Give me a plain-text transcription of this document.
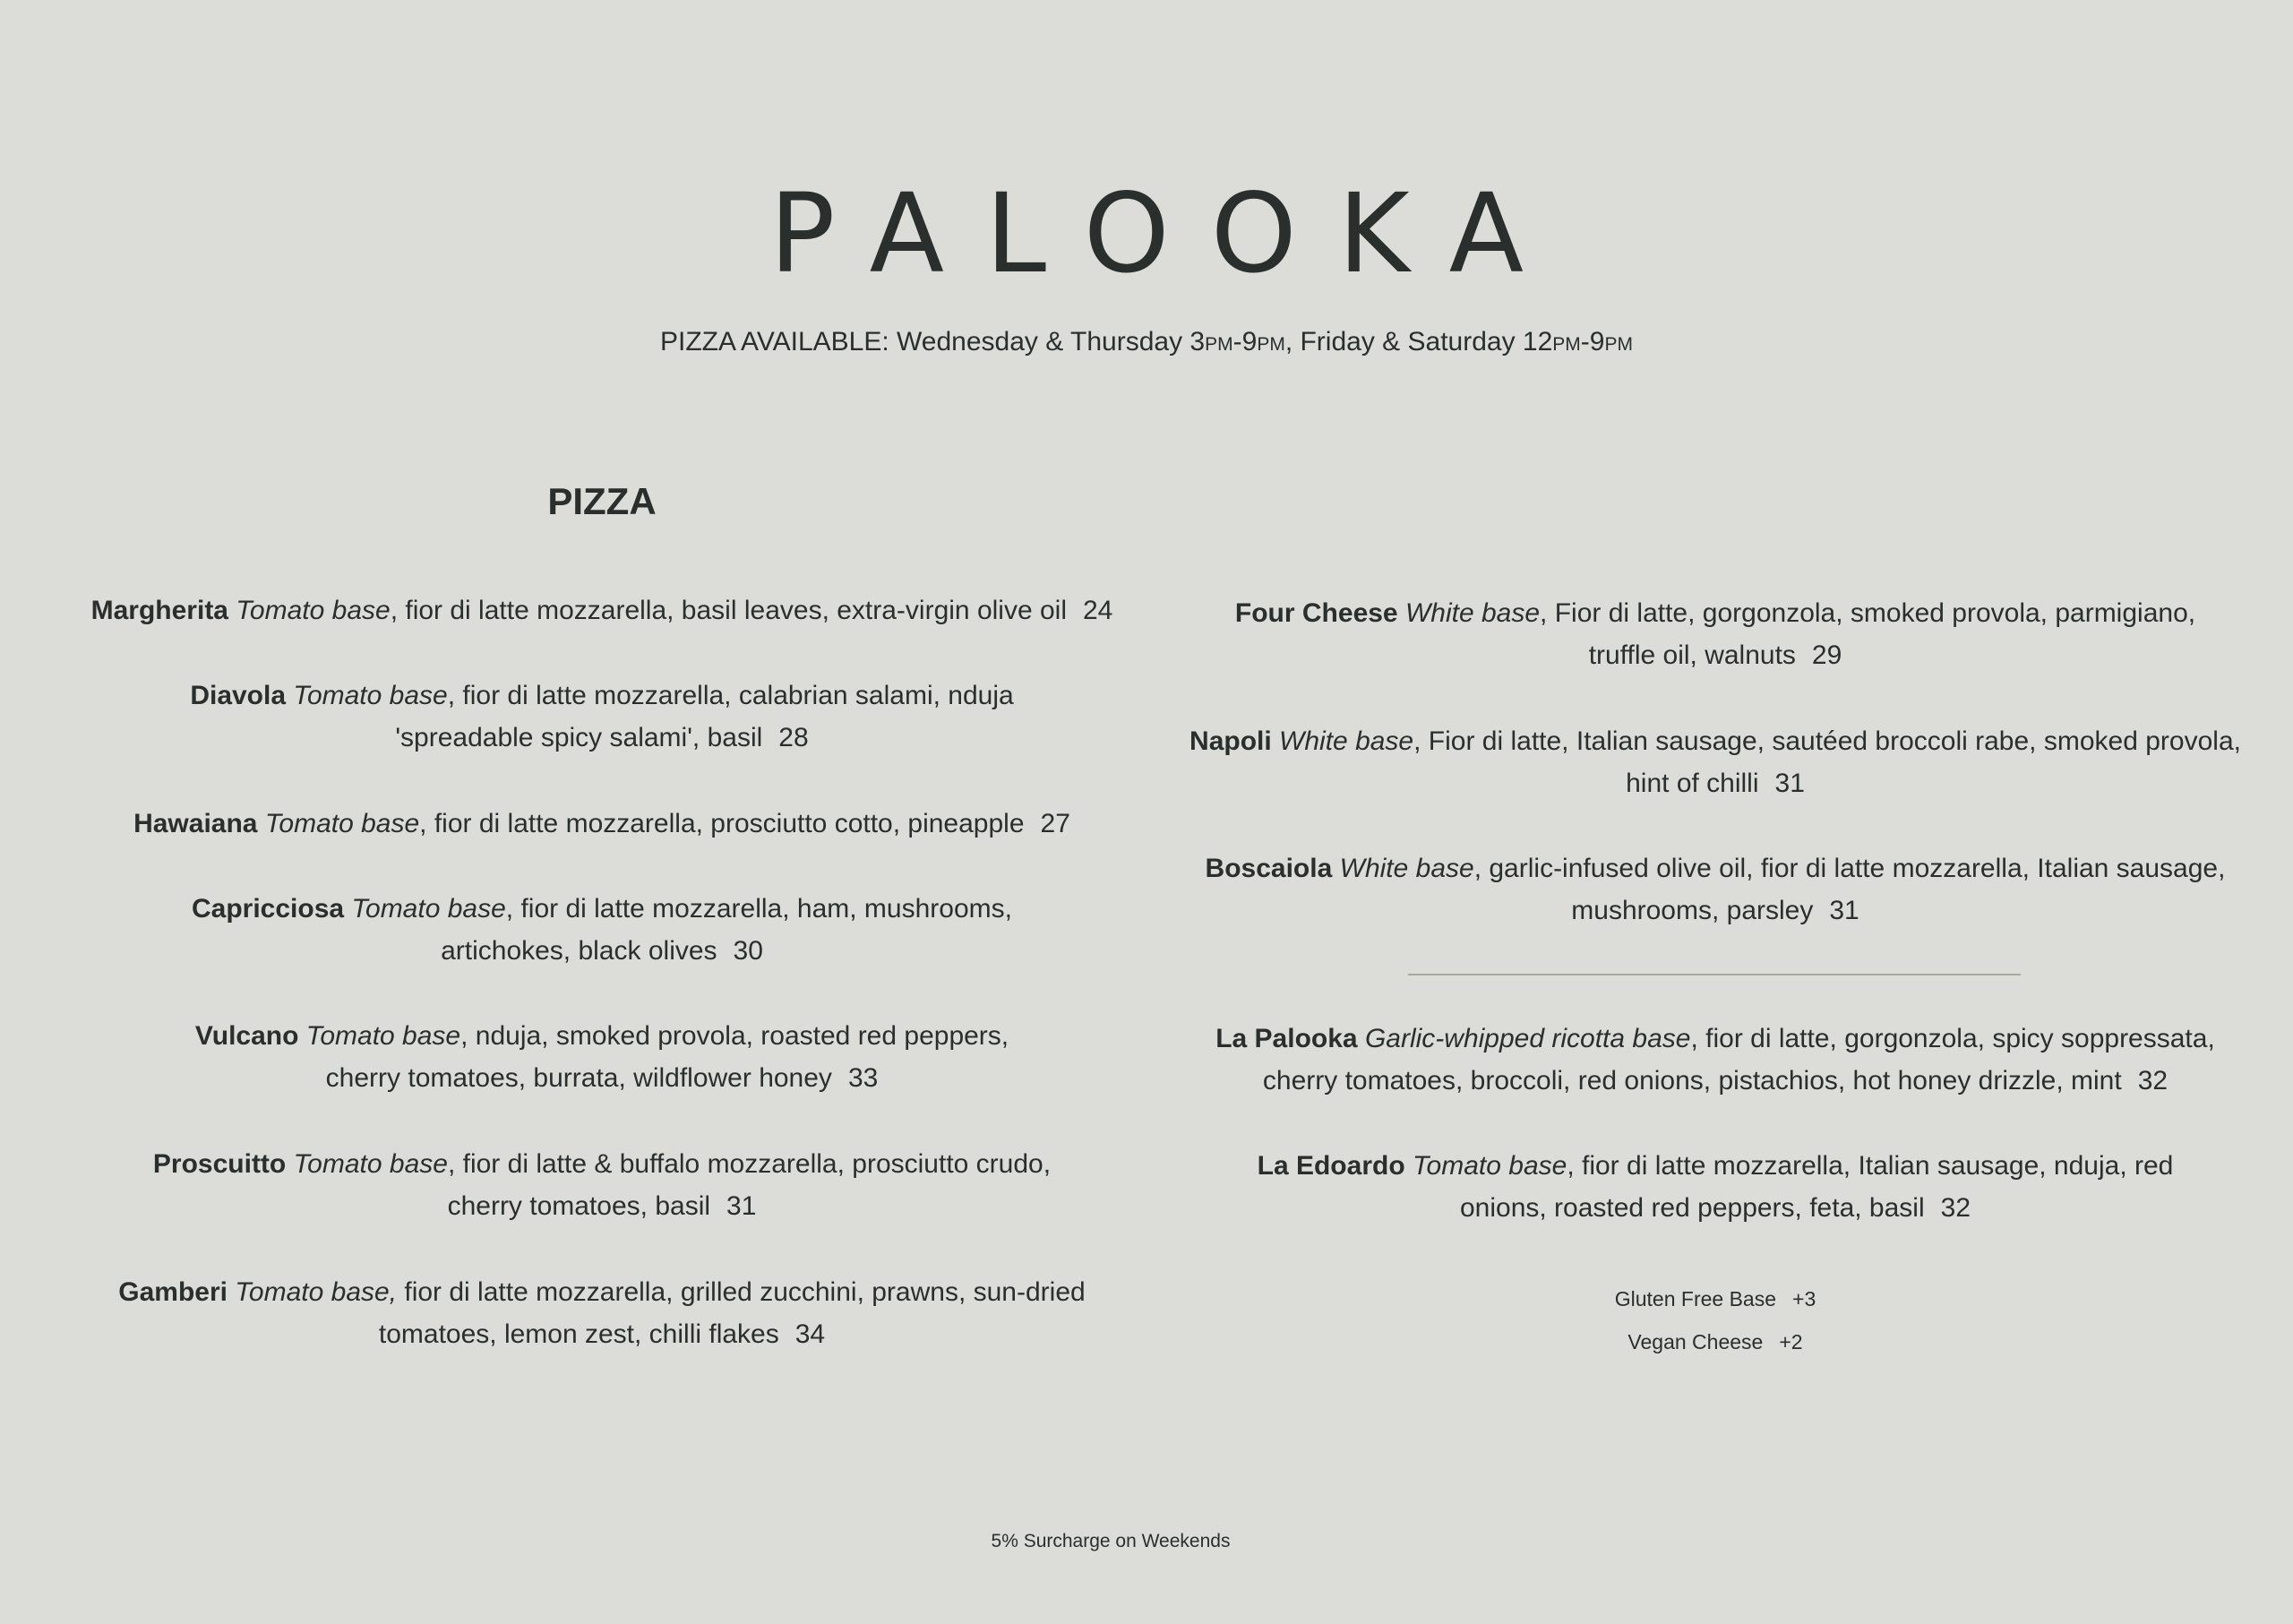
PALOOKA
PIZZA AVAILABLE: Wednesday & Thursday 3PM-9PM, Friday & Saturday 12PM-9PM
PIZZA
Margherita Tomato base, fior di latte mozzarella, basil leaves, extra-virgin olive oil 24
Diavola Tomato base, fior di latte mozzarella, calabrian salami, nduja 'spreadable spicy salami', basil 28
Hawaiana Tomato base, fior di latte mozzarella, prosciutto cotto, pineapple 27
Capricciosa Tomato base, fior di latte mozzarella, ham, mushrooms, artichokes, black olives 30
Vulcano Tomato base, nduja, smoked provola, roasted red peppers, cherry tomatoes, burrata, wildflower honey 33
Proscuitto Tomato base, fior di latte & buffalo mozzarella, prosciutto crudo, cherry tomatoes, basil 31
Gamberi Tomato base, fior di latte mozzarella, grilled zucchini, prawns, sun-dried tomatoes, lemon zest, chilli flakes 34
Four Cheese White base, Fior di latte, gorgonzola, smoked provola, parmigiano, truffle oil, walnuts 29
Napoli White base, Fior di latte, Italian sausage, sautéed broccoli rabe, smoked provola, hint of chilli 31
Boscaiola White base, garlic-infused olive oil, fior di latte mozzarella, Italian sausage, mushrooms, parsley 31
La Palooka Garlic-whipped ricotta base, fior di latte, gorgonzola, spicy soppressata, cherry tomatoes, broccoli, red onions, pistachios, hot honey drizzle, mint 32
La Edoardo Tomato base, fior di latte mozzarella, Italian sausage, nduja, red onions, roasted red peppers, feta, basil 32
Gluten Free Base +3
Vegan Cheese +2
5% Surcharge on Weekends
